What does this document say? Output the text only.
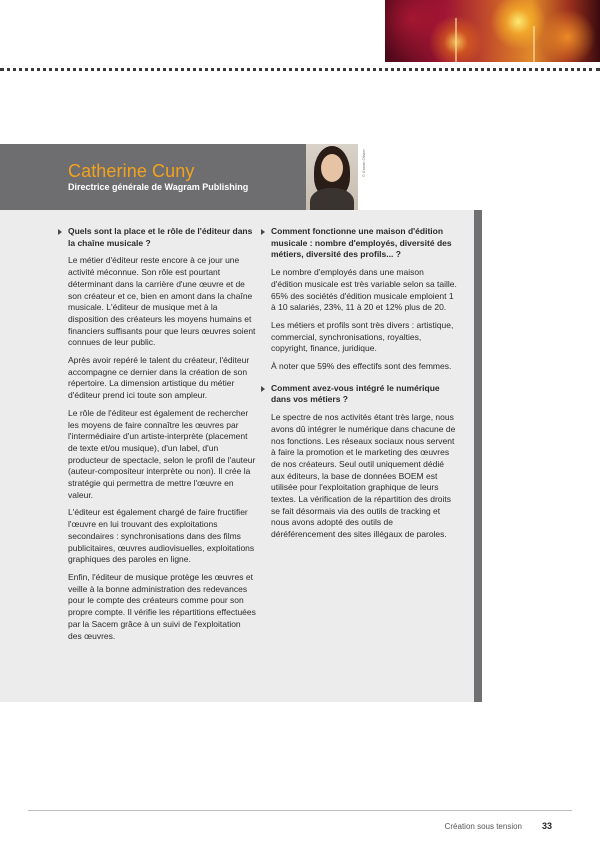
Catherine Cuny
Directrice générale de Wagram Publishing
© Erwan Olivier
Quels sont la place et le rôle de l'éditeur dans la chaîne musicale ?
Le métier d'éditeur reste encore à ce jour une activité méconnue. Son rôle est pourtant déterminant dans la carrière d'une œuvre et de son créateur et ce, bien en amont dans la chaîne musicale. L'éditeur de musique met à la disposition des créateurs les moyens humains et financiers suffisants pour que leurs œuvres soient connues de leur public.
Après avoir repéré le talent du créateur, l'éditeur accompagne ce dernier dans la création de son répertoire. La dimension artistique du métier d'éditeur prend ici toute son ampleur.
Le rôle de l'éditeur est également de rechercher les moyens de faire connaître les œuvres par l'intermédiaire d'un artiste-interprète (placement de texte et/ou musique), d'un label, d'un producteur de spectacle, selon le profil de l'auteur (auteur-compositeur interprète ou non). Il crée la stratégie qui permettra de mettre l'œuvre en valeur.
L'éditeur est également chargé de faire fructifier l'œuvre en lui trouvant des exploitations secondaires : synchronisations dans des films publicitaires, œuvres audiovisuelles, exploitations graphiques des paroles en ligne.
Enfin, l'éditeur de musique protège les œuvres et veille à la bonne administration des redevances pour le compte des créateurs comme pour son propre compte. Il vérifie les répartitions effectuées par la Sacem grâce à un suivi de l'exploitation des œuvres.
Comment fonctionne une maison d'édition musicale : nombre d'employés, diversité des métiers, diversité des profils... ?
Le nombre d'employés dans une maison d'édition musicale est très variable selon sa taille. 65% des sociétés d'édition musicale emploient 1 à 10 salariés, 23%, 11 à 20 et 12% plus de 20.
Les métiers et profils sont très divers : artistique, commercial, synchronisations, royalties, copyright, finance, juridique.
À noter que 59% des effectifs sont des femmes.
Comment avez-vous intégré le numérique dans vos métiers ?
Le spectre de nos activités étant très large, nous avons dû intégrer le numérique dans chacune de nos fonctions. Les réseaux sociaux nous servent à faire la promotion et le marketing des œuvres de nos créateurs. Seul outil uniquement dédié aux éditeurs, la base de données BOEM est utilisée pour l'exploitation graphique de leurs textes. La vérification de la répartition des droits se fait désormais via des outils de tracking et nous avons adopté des outils de déréférencement des sites illégaux de paroles.
Création sous tension 33
